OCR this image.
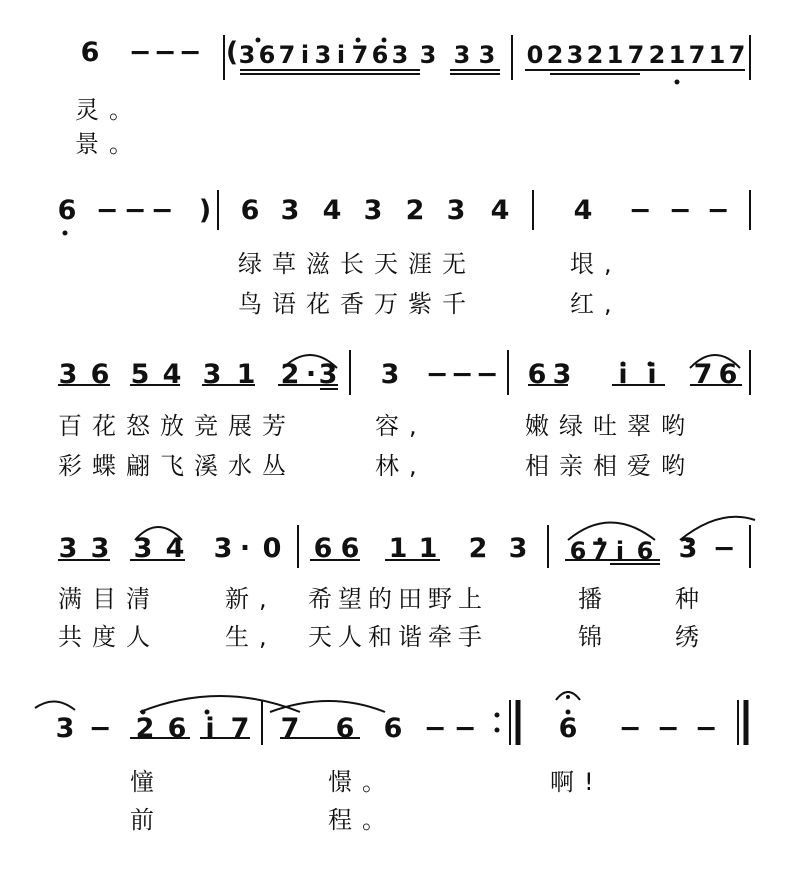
6 − − − ( 3 6 7 i 3 i 7 6 3 3 3 3 0 2 3 2 1 7 2 1 7 1 7
灵。
景。
6 − − − ) 6 3 4 3 2 3 4 4 − − −
绿草滋长天涯无	垠,
鸟语花香万紫千	红,
3 6 5 4 3 1 2 · 3 3 − − − 6 3 i i 7 6
百花怒放竞展芳	容,	嫩绿吐翠哟
彩蝶翩飞溪水丛	林,	相亲相爱哟
3 3 3 4 3 · 0 6 6 1 1 2 3 6 7 i 6 3 −
满目清	新, 希望的田野上	播	种
共度人	生, 天人和谐牵手	锦	绣
3 − 2 6 i 7 7 6 6 − −	6 − − −
憧	憬。	啊!
前	程。
